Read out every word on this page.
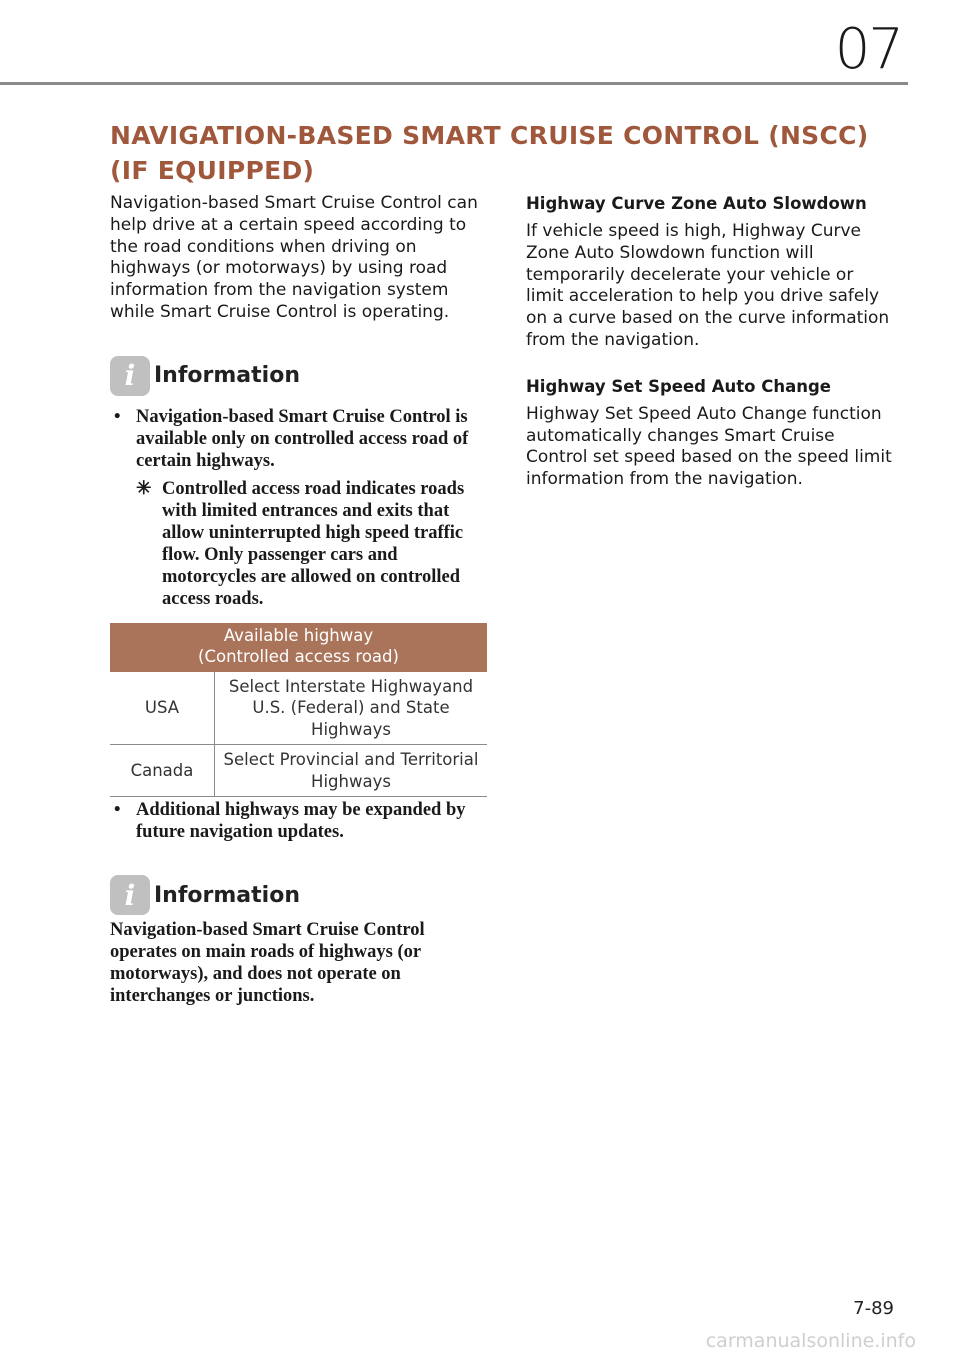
07
NAVIGATION-BASED SMART CRUISE CONTROL (NSCC)
(IF EQUIPPED)

Navigation-based Smart Cruise Control can help drive at a certain speed according to the road conditions when driving on highways (or motorways) by using road information from the navigation system while Smart Cruise Control is operating.

i Information
• Navigation-based Smart Cruise Control is available only on controlled access road of certain highways.
✳ Controlled access road indicates roads with limited entrances and exits that allow uninterrupted high speed traffic flow. Only passenger cars and motorcycles are allowed on controlled access roads.
Available highway
(Controlled access road)	

USA	Select Interstate Highwayand U.S. (Federal) and State Highways
Canada	Select Provincial and Territorial Highways
• Additional highways may be expanded by future navigation updates.
i Information

Navigation-based Smart Cruise Control operates on main roads of highways (or motorways), and does not operate on interchanges or junctions.

Highway Curve Zone Auto Slowdown

If vehicle speed is high, Highway Curve Zone Auto Slowdown function will temporarily decelerate your vehicle or limit acceleration to help you drive safely on a curve based on the curve information from the navigation.

Highway Set Speed Auto Change

Highway Set Speed Auto Change function automatically changes Smart Cruise Control set speed based on the speed limit information from the navigation.

7-89
carmanualsonline.info
